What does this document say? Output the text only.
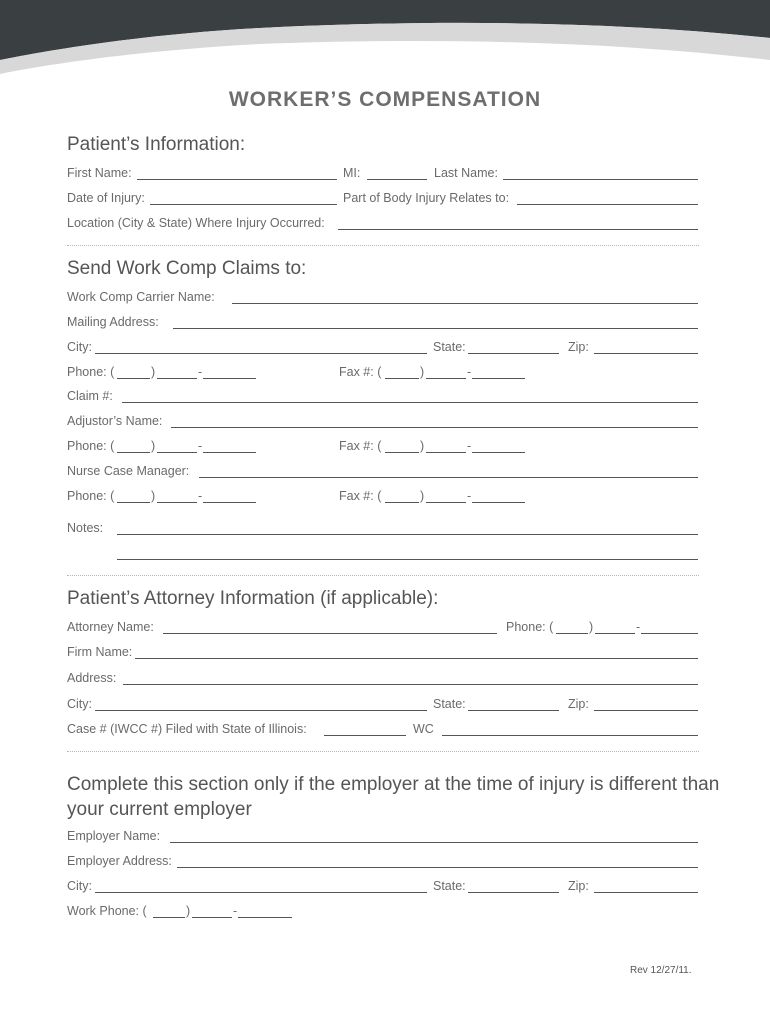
WORKER’S COMPENSATION
Patient’s Information:
First Name:	MI:	Last Name:
Date of Injury:	Part of Body Injury Relates to:
Location (City & State) Where Injury Occurred:
Send Work Comp Claims to:
Work Comp Carrier Name:
Mailing Address:
City:	State:	Zip:
Phone: (	)	-	Fax #: (	)	-
Claim #:
Adjustor’s Name:
Phone: (	)	-	Fax #: (	)	-
Nurse Case Manager:
Phone: (	)	-	Fax #: (	)	-
Notes:
Patient’s Attorney Information (if applicable):
Attorney Name:	Phone: (	)	-
Firm Name:
Address:
City:	State:	Zip:
Case # (IWCC #) Filed with State of Illinois:	WC
Complete this section only if the employer at the time of injury is different than your current employer
Employer Name:
Employer Address:
City:	State:	Zip:
Work Phone: (	)	-
Rev 12/27/11.
